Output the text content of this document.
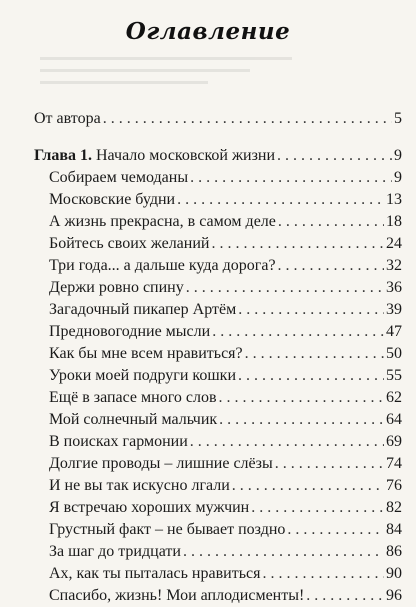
Оглавление
От автора . . .	5
Глава 1. Начало московской жизни . . .	9
Собираем чемоданы . . .	9
Московские будни . . .	13
А жизнь прекрасна, в самом деле . . .	18
Бойтесь своих желаний . . .	24
Три года... а дальше куда дорога? . . .	32
Держи ровно спину . . .	36
Загадочный пикапер Артём . . .	39
Предновогодние мысли . . .	47
Как бы мне всем нравиться? . . .	50
Уроки моей подруги кошки . . .	55
Ещё в запасе много слов . . .	62
Мой солнечный мальчик . . .	64
В поисках гармонии . . .	69
Долгие проводы – лишние слёзы . . .	74
И не вы так искусно лгали . . .	76
Я встречаю хороших мужчин . . .	82
Грустный факт – не бывает поздно . . .	84
За шаг до тридцати . . .	86
Ах, как ты пыталась нравиться . . .	90
Спасибо, жизнь! Мои аплодисменты! . . .	96
